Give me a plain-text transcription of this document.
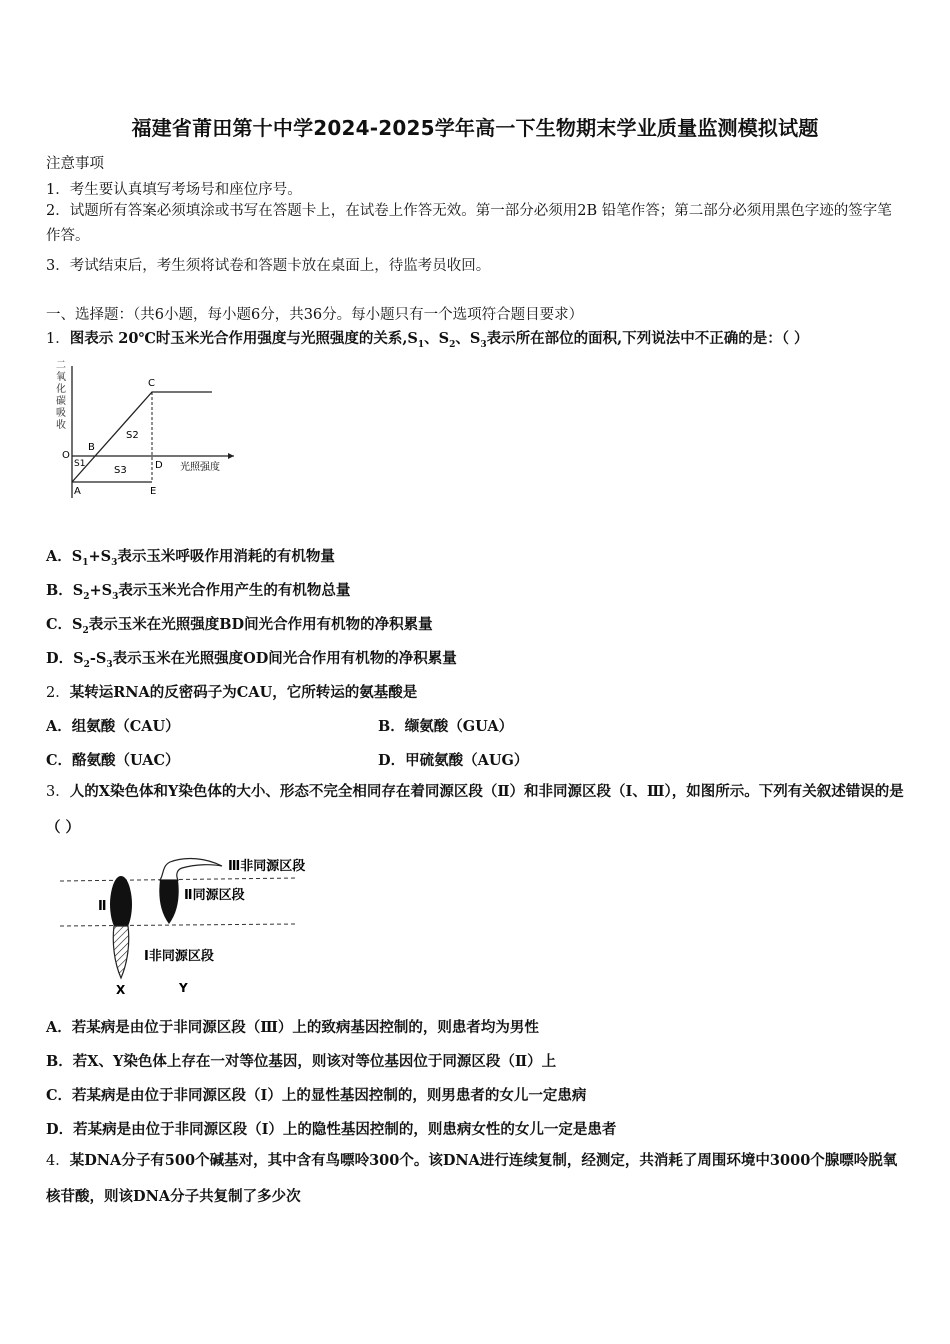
福建省莆田第十中学2024-2025学年高一下生物期末学业质量监测模拟试题
注意事项
1．考生要认真填写考场号和座位序号。
2．试题所有答案必须填涂或书写在答题卡上，在试卷上作答无效。第一部分必须用2B 铅笔作答；第二部分必须用黑色字迹的签字笔作答。
3．考试结束后，考生须将试卷和答题卡放在桌面上，待监考员收回。
一、选择题：（共6小题，每小题6分，共36分。每小题只有一个选项符合题目要求）
1．图表示 20℃时玉米光合作用强度与光照强度的关系$,S_1$、$S_2$、$S_3$表示所在部位的面积,下列说法中不正确的是：（ ）
二
氧
化
碳
吸
收
O
B
C
D
A	E
S1
S2
S3	光照强度
A．$S_1+S_3$表示玉米呼吸作用消耗的有机物量
B．$S_2+S_3$表示玉米光合作用产生的有机物总量
C．$S_2$表示玉米在光照强度BD间光合作用有机物的净积累量
D．$S_2-S_3$表示玉米在光照强度OD间光合作用有机物的净积累量
2．某转运RNA的反密码子为CAU，它所转运的氨基酸是
A．组氨酸（CAU）	B．缬氨酸（GUA）
C．酪氨酸（UAC）	D．甲硫氨酸（AUG）
3．人的X染色体和Y染色体的大小、形态不完全相同存在着同源区段（Ⅱ）和非同源区段（Ⅰ、Ⅲ），如图所示。下列有关叙述错误的是（ ）
Ⅲ非同源区段
Ⅱ同源区段
Ⅱ
Ⅰ非同源区段
X	Y
A．若某病是由位于非同源区段（Ⅲ）上的致病基因控制的，则患者均为男性
B．若X、Y染色体上存在一对等位基因，则该对等位基因位于同源区段（Ⅱ）上
C．若某病是由位于非同源区段（I）上的显性基因控制的，则男患者的女儿一定患病
D．若某病是由位于非同源区段（I）上的隐性基因控制的，则患病女性的女儿一定是患者
4．某DNA分子有500个碱基对，其中含有鸟嘌呤300个。该DNA进行连续复制，经测定，共消耗了周围环境中3000个腺嘌呤脱氧核苷酸，则该DNA分子共复制了多少次
